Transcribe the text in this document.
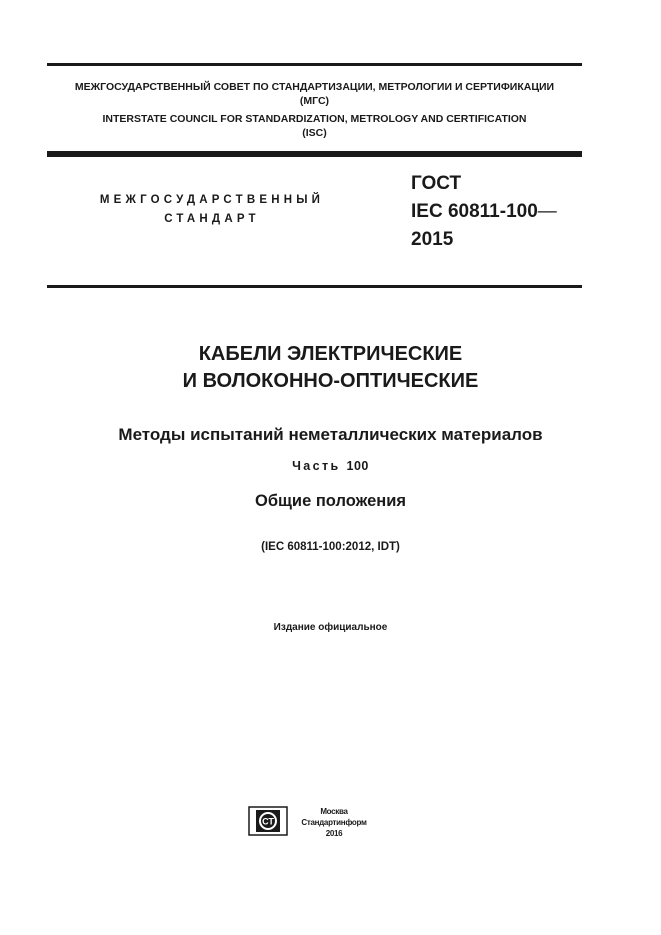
МЕЖГОСУДАРСТВЕННЫЙ СОВЕТ ПО СТАНДАРТИЗАЦИИ, МЕТРОЛОГИИ И СЕРТИФИКАЦИИ
(МГС)
INTERSTATE COUNCIL FOR STANDARDIZATION, METROLOGY AND CERTIFICATION
(ISC)
МЕЖГОСУДАРСТВЕННЫЙ
СТАНДАРТ
ГОСТ
IEC 60811-100—
2015
КАБЕЛИ ЭЛЕКТРИЧЕСКИЕ
И ВОЛОКОННО-ОПТИЧЕСКИЕ
Методы испытаний неметаллических материалов
Часть 100
Общие положения
(IEC 60811-100:2012, IDT)
Издание официальное
СТ
Москва
Стандартинформ
2016
